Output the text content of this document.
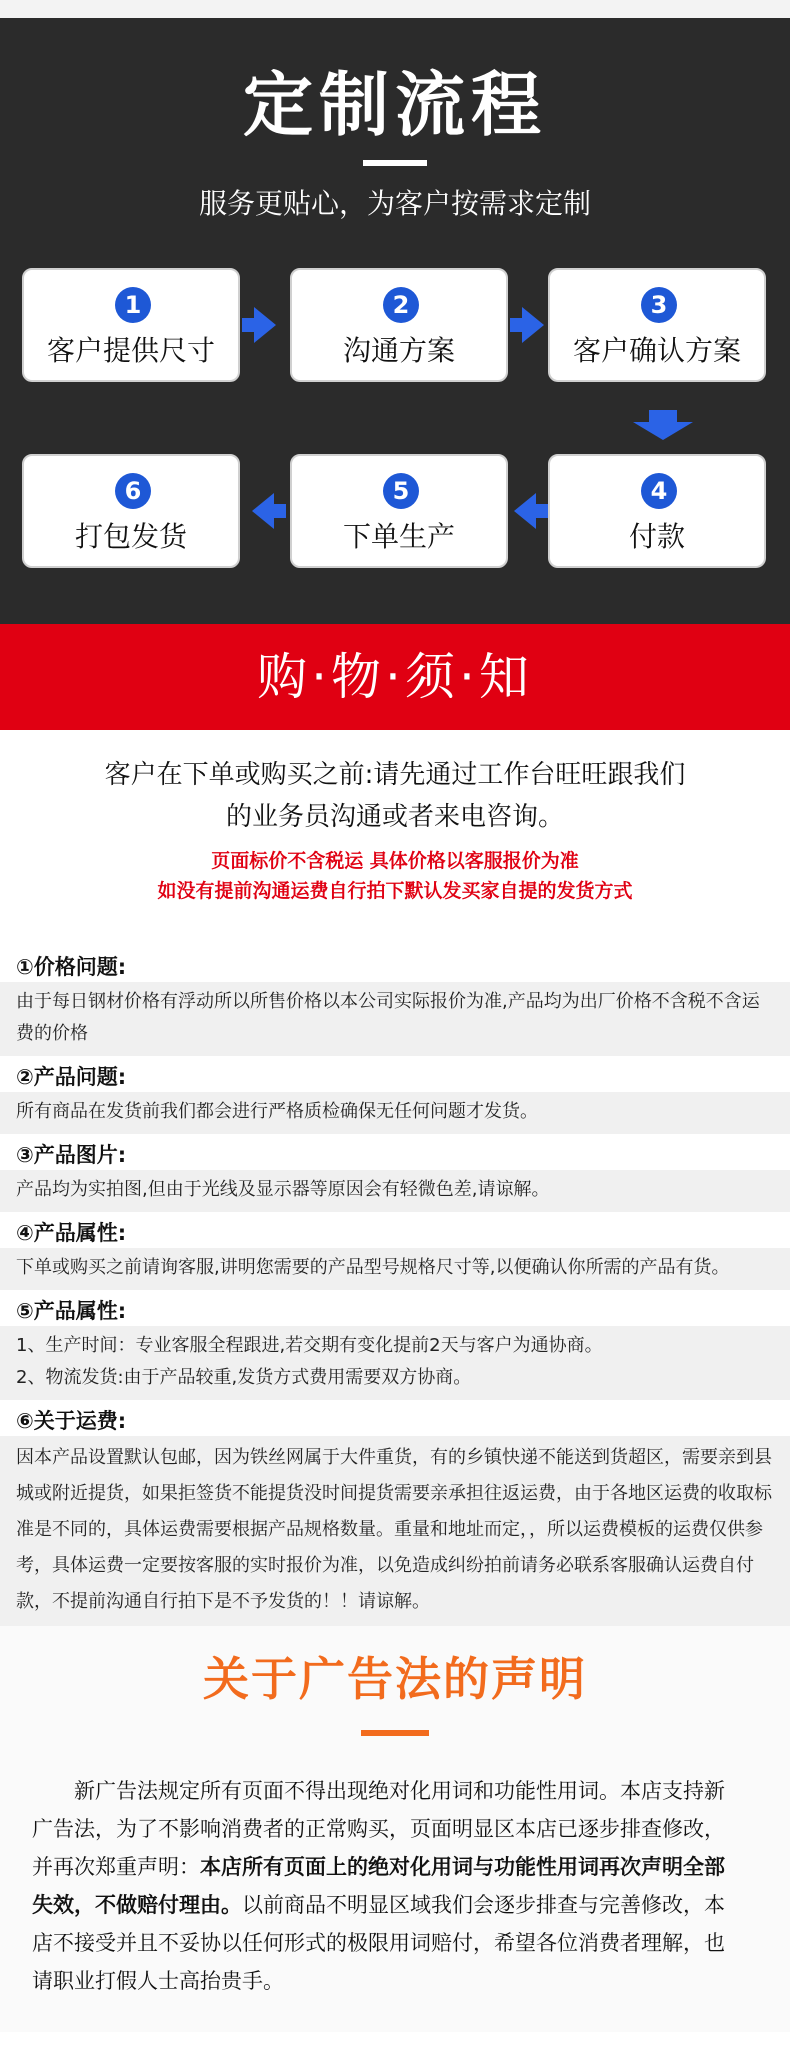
定制流程
服务更贴心，为客户按需求定制
1
客户提供尺寸
2
沟通方案
3
客户确认方案
6
打包发货
5
下单生产
4
付款
购·物·须·知
客户在下单或购买之前:请先通过工作台旺旺跟我们
的业务员沟通或者来电咨询。
页面标价不含税运 具体价格以客服报价为准
如没有提前沟通运费自行拍下默认发买家自提的发货方式
①价格问题:

由于每日钢材价格有浮动所以所售价格以本公司实际报价为准,产品均为出厂价格不含税不含运费的价格

②产品问题:

所有商品在发货前我们都会进行严格质检确保无任何问题才发货。

③产品图片:

产品均为实拍图,但由于光线及显示器等原因会有轻微色差,请谅解。

④产品属性:

下单或购买之前请询客服,讲明您需要的产品型号规格尺寸等,以便确认你所需的产品有货。

⑤产品属性:

1、生产时间：专业客服全程跟进,若交期有变化提前2天与客户为通协商。

2、物流发货:由于产品较重,发货方式费用需要双方协商。

⑥关于运费:

因本产品设置默认包邮，因为铁丝网属于大件重货，有的乡镇快递不能送到货超区，需要亲到县城或附近提货，如果拒签货不能提货没时间提货需要亲承担往返运费，由于各地区运费的收取标准是不同的，具体运费需要根据产品规格数量。重量和地址而定，，所以运费模板的运费仅供参考，具体运费一定要按客服的实时报价为准，以免造成纠纷拍前请务必联系客服确认运费自付款，不提前沟通自行拍下是不予发货的！！请谅解。

关于广告法的声明
新广告法规定所有页面不得出现绝对化用词和功能性用词。本店支持新广告法，为了不影响消费者的正常购买，页面明显区本店已逐步排查修改，并再次郑重声明：本店所有页面上的绝对化用词与功能性用词再次声明全部失效，不做赔付理由。以前商品不明显区域我们会逐步排查与完善修改，本店不接受并且不妥协以任何形式的极限用词赔付，希望各位消费者理解，也请职业打假人士高抬贵手。
